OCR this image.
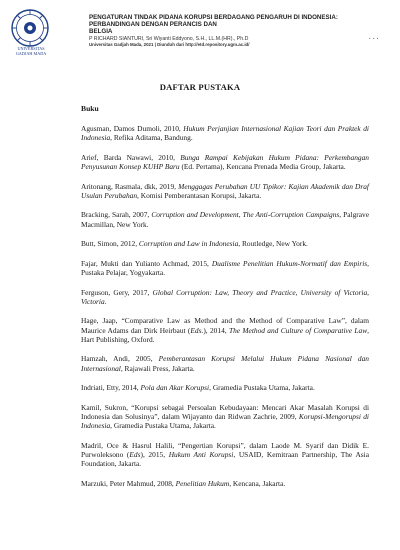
UNIVERSITAS
GADJAH MADA
PENGATURAN TINDAK PIDANA KORUPSI BERDAGANG PENGARUH DI INDONESIA:
PERBANDINGAN DENGAN PERANCIS DAN
BELGIA
P RICHARD SIANTURI, Sri Wiyanti Eddyono, S.H., LL.M.(HR)., Ph.D
Universitas Gadjah Mada, 2021 | Diunduh dari http://etd.repository.ugm.ac.id/
...
DAFTAR PUSTAKA
Buku
Agusman, Damos Dumoli, 2010, Hukum Perjanjian Internasional Kajian Teori dan Praktek di Indonesia, Refika Aditama, Bandung.
Arief, Barda Nawawi, 2010, Bunga Rampai Kebijakan Hukum Pidana: Perkembangan Penyusunan Konsep KUHP Baru (Ed. Pertama), Kencana Prenada Media Group, Jakarta.
Aritonang, Rasmala, dkk, 2019, Menggagas Perubahan UU Tipikor: Kajian Akademik dan Draf Usulan Perubahan, Komisi Pemberantasan Korupsi, Jakarta.
Bracking, Sarah, 2007, Corruption and Development, The Anti-Corruption Campaigns, Palgrave Macmillan, New York.
Butt, Simon, 2012, Corruption and Law in Indonesia, Routledge, New York.
Fajar, Mukti dan Yulianto Achmad, 2015, Dualisme Penelitian Hukum-Normatif dan Empiris, Pustaka Pelajar, Yogyakarta.
Ferguson, Gery, 2017, Global Corruption: Law, Theory and Practice, University of Victoria, Victoria.
Hage, Jaap, “Comparative Law as Method and the Method of Comparative Law”, dalam Maurice Adams dan Dirk Heirbaut (Eds.), 2014, The Method and Culture of Comparative Law, Hart Publishing, Oxford.
Hamzah, Andi, 2005, Pemberantasan Korupsi Melalui Hukum Pidana Nasional dan Internasional, Rajawali Press, Jakarta.
Indriati, Etty, 2014, Pola dan Akar Korupsi, Gramedia Pustaka Utama, Jakarta.
Kamil, Sukron, “Korupsi sebagai Persoalan Kebudayaan: Mencari Akar Masalah Korupsi di Indonesia dan Solusinya”, dalam Wijayanto dan Ridwan Zachrie, 2009, Korupsi-Mengorupsi di Indonesia, Gramedia Pustaka Utama, Jakarta.
Madril, Oce & Hasrul Halili, “Pengertian Korupsi”, dalam Laode M. Syarif dan Didik E. Purwoleksono (Eds), 2015, Hukum Anti Korupsi, USAID, Kemitraan Partnership, The Asia Foundation, Jakarta.
Marzuki, Peter Mahmud, 2008, Penelitian Hukum, Kencana, Jakarta.
